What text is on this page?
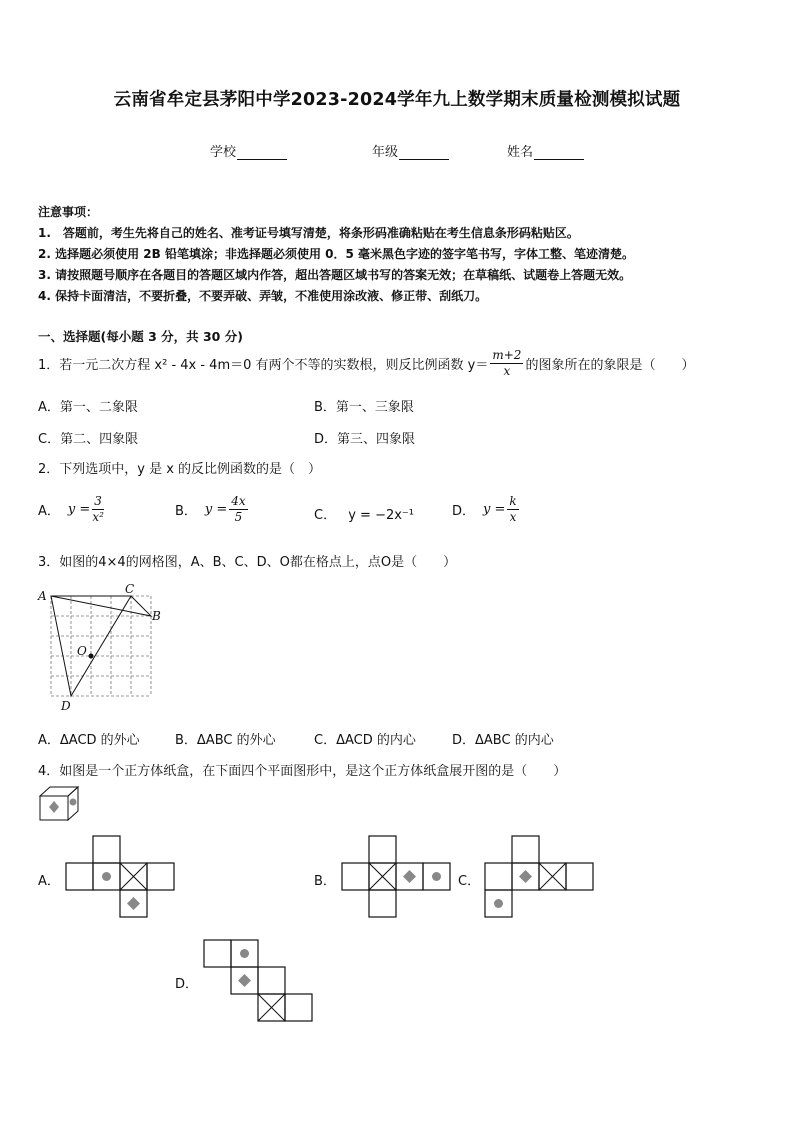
云南省牟定县茅阳中学2023-2024学年九上数学期末质量检测模拟试题
学校	年级	姓名
注意事项：
1.　答题前，考生先将自己的姓名、准考证号填写清楚，将条形码准确粘贴在考生信息条形码粘贴区。
2. 选择题必须使用 2B 铅笔填涂；非选择题必须使用 0．5 毫米黑色字迹的签字笔书写，字体工整、笔迹清楚。
3. 请按照题号顺序在各题目的答题区域内作答，超出答题区域书写的答案无效；在草稿纸、试题卷上答题无效。
4. 保持卡面清洁，不要折叠，不要弄破、弄皱，不准使用涂改液、修正带、刮纸刀。
一、选择题(每小题 3 分，共 30 分)
1．若一元二次方程 x² - 4x - 4m＝0 有两个不等的实数根，则反比例函数 $y= \frac{m+2}{x}$ 的图象所在的象限是（　　）
A．第一、二象限	B．第一、三象限
C．第二、四象限	D．第三、四象限
2．下列选项中，y 是 x 的反比例函数的是（　）
A． $y = \frac{3}{\text{x²}}$	B． $y = \frac{4x}{5}$	C． y = −2x⁻¹	D． $y = \frac{k}{x}$
3．如图的4×4的网格图，A、B、C、D、O都在格点上，点O是（　　）
A	C
B
O
D
A．ΔACD 的外心	B．ΔABC 的外心	C．ΔACD 的内心	D．ΔABC 的内心
4．如图是一个正方体纸盒，在下面四个平面图形中，是这个正方体纸盒展开图的是（　　）
A．	B．	C．
D．
